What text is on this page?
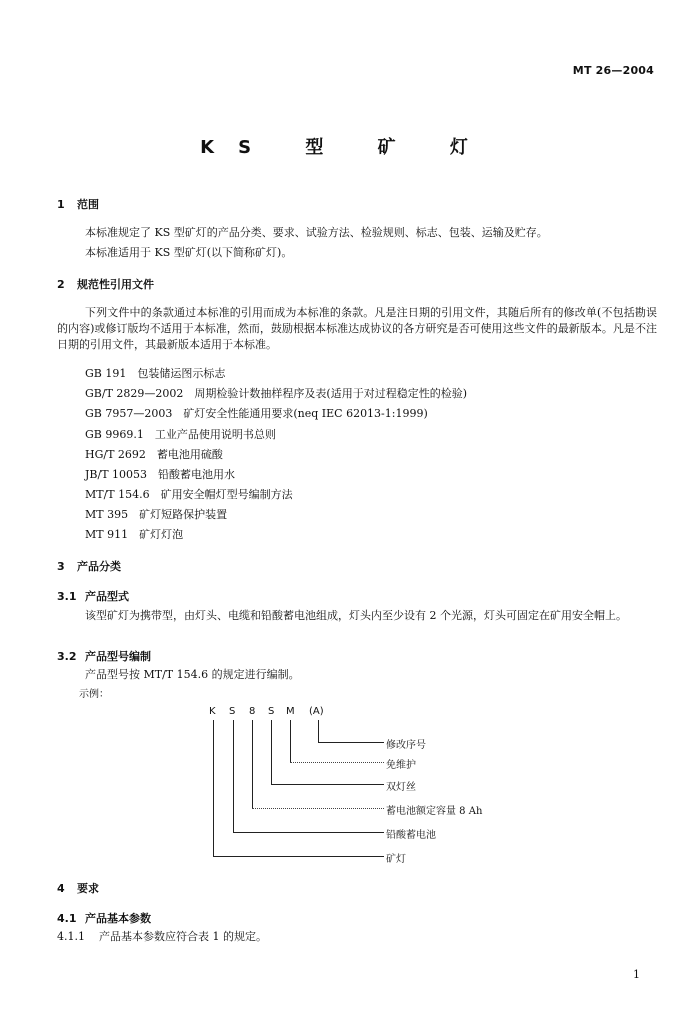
MT 26—2004
KS 型 矿 灯
1 范围
本标准规定了 KS 型矿灯的产品分类、要求、试验方法、检验规则、标志、包装、运输及贮存。
本标准适用于 KS 型矿灯(以下简称矿灯)。
2 规范性引用文件
下列文件中的条款通过本标准的引用而成为本标准的条款。凡是注日期的引用文件，其随后所有的修改单(不包括勘误的内容)或修订版均不适用于本标准，然而，鼓励根据本标准达成协议的各方研究是否可使用这些文件的最新版本。凡是不注日期的引用文件，其最新版本适用于本标准。
GB 191　包装储运图示标志
GB/T 2829—2002　周期检验计数抽样程序及表(适用于对过程稳定性的检验)
GB 7957—2003　矿灯安全性能通用要求(neq IEC 62013-1:1999)
GB 9969.1　工业产品使用说明书总则
HG/T 2692　蓄电池用硫酸
JB/T 10053　铅酸蓄电池用水
MT/T 154.6　矿用安全帽灯型号编制方法
MT 395　矿灯短路保护装置
MT 911　矿灯灯泡
3 产品分类
3.1 产品型式
该型矿灯为携带型，由灯头、电缆和铅酸蓄电池组成，灯头内至少设有 2 个光源，灯头可固定在矿用安全帽上。
3.2 产品型号编制
产品型号按 MT/T 154.6 的规定进行编制。
示例：
K S 8 S M (A)
修改序号
免维护
双灯丝
蓄电池额定容量 8 Ah
铅酸蓄电池
矿灯
4 要求
4.1 产品基本参数
4.1.1 产品基本参数应符合表 1 的规定。
1
